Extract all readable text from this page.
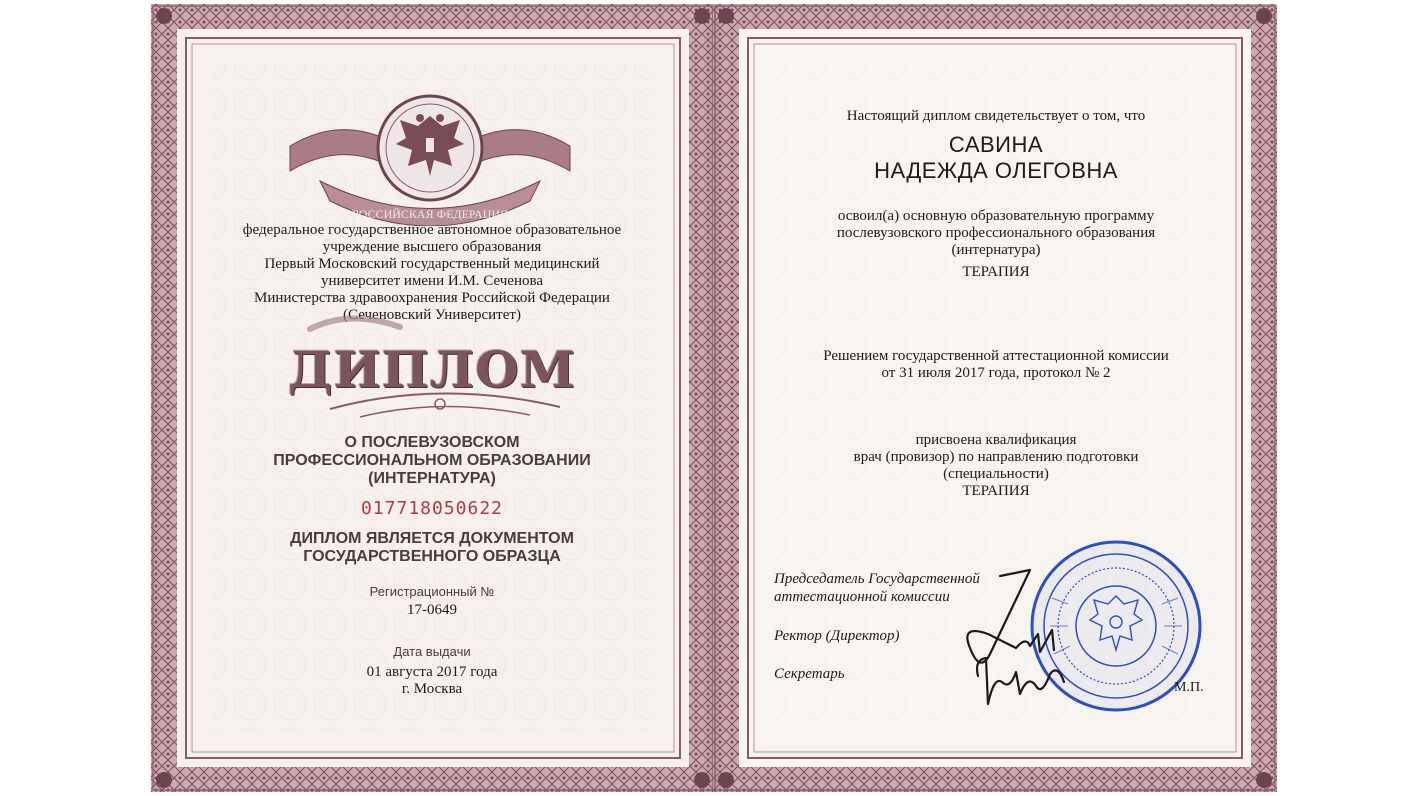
РОССИЙСКАЯ ФЕДЕРАЦИЯ
федеральное государственное автономное образовательное
учреждение высшего образования
Первый Московский государственный медицинский
университет имени И.М. Сеченова
Министерства здравоохранения Российской Федерации
(Сеченовский Университет)
ДИПЛОМ
О ПОСЛЕВУЗОВСКОМ
ПРОФЕССИОНАЛЬНОМ ОБРАЗОВАНИИ
(ИНТЕРНАТУРА)
017718050622
ДИПЛОМ ЯВЛЯЕТСЯ ДОКУМЕНТОМ
ГОСУДАРСТВЕННОГО ОБРАЗЦА
Регистрационный №
17-0649
Дата выдачи
01 августа 2017 года
г. Москва
Настоящий диплом свидетельствует о том, что
САВИНА
НАДЕЖДА ОЛЕГОВНА
освоил(а) основную образовательную программу
послевузовского профессионального образования
(интернатура)
ТЕРАПИЯ
Решением государственной аттестационной комиссии
от 31 июля 2017 года, протокол № 2
присвоена квалификация
врач (провизор) по направлению подготовки
(специальности)
ТЕРАПИЯ
Председатель Государственной
аттестационной комиссии
Ректор (Директор)
Секретарь
М.П.
